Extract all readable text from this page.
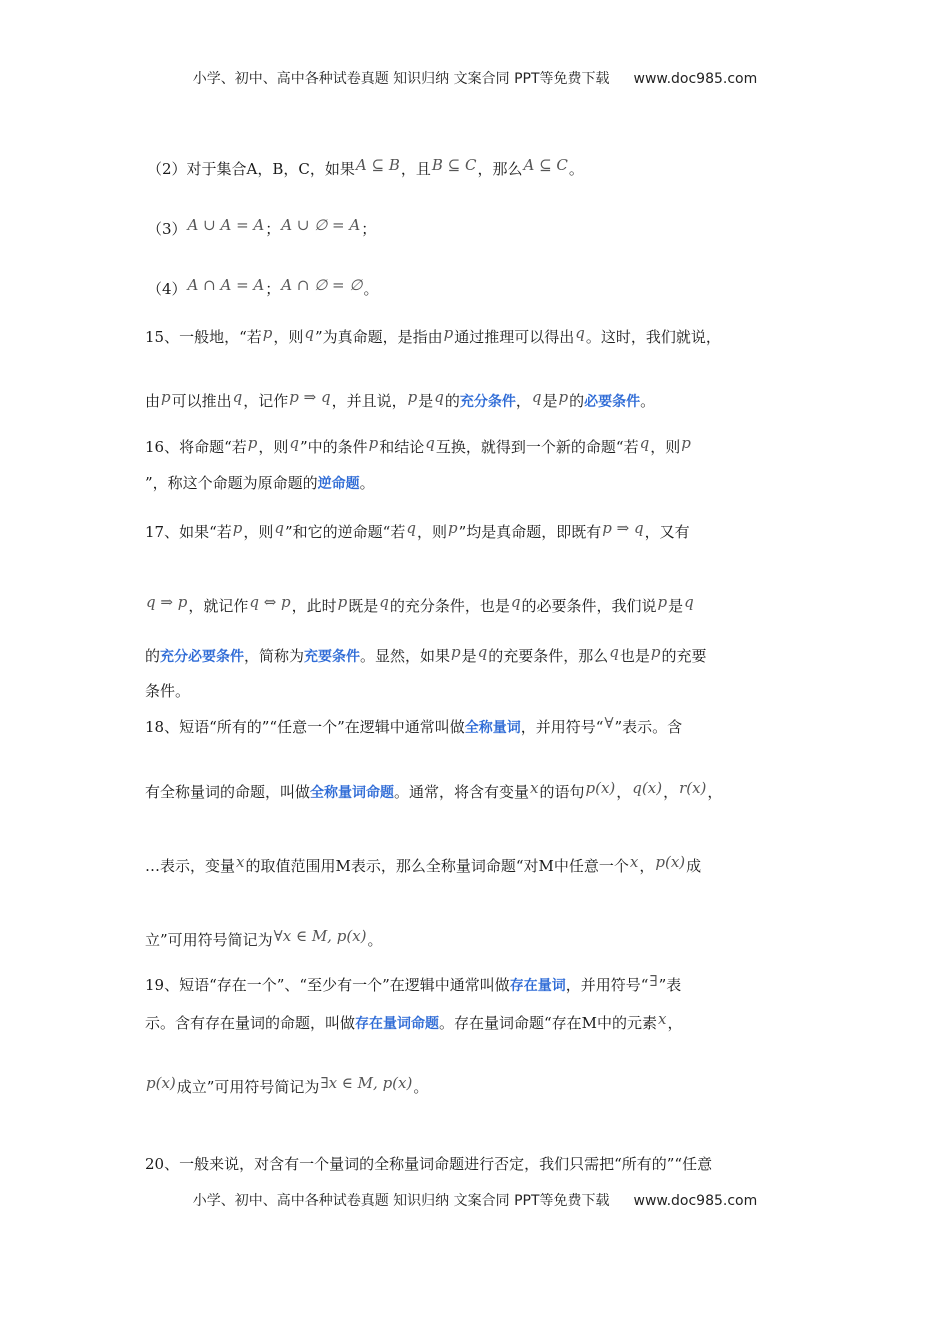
小学、初中、高中各种试卷真题 知识归纳 文案合同 PPT等免费下载 www.doc985.com
（2）对于集合A，B，C，如果A ⊆ B，且B ⊆ C，那么A ⊆ C。
（3）A ∪ A = A；A ∪ ∅ = A；
（4）A ∩ A = A；A ∩ ∅ = ∅。
15、一般地，“若p，则q”为真命题，是指由p通过推理可以得出q。这时，我们就说，
由p可以推出q，记作p ⇒ q，并且说，p是q的充分条件，q是p的必要条件。
16、将命题“若p，则q”中的条件p和结论q互换，就得到一个新的命题“若q，则p
”，称这个命题为原命题的逆命题。
17、如果“若p，则q”和它的逆命题“若q，则p”均是真命题，即既有p ⇒ q，又有
q ⇒ p，就记作q ⇔ p，此时p既是q的充分条件，也是q的必要条件，我们说p是q
的充分必要条件，简称为充要条件。显然，如果p是q的充要条件，那么q也是p的充要
条件。
18、短语“所有的”“任意一个”在逻辑中通常叫做全称量词，并用符号“∀”表示。含
有全称量词的命题，叫做全称量词命题。通常，将含有变量x的语句p(x)，q(x)，r(x)，
…表示，变量x的取值范围用M表示，那么全称量词命题“对M中任意一个x，p(x)成
立”可用符号简记为∀x ∈ M, p(x)。
19、短语“存在一个”、“至少有一个”在逻辑中通常叫做存在量词，并用符号“∃”表
示。含有存在量词的命题，叫做存在量词命题。存在量词命题“存在M中的元素x，
p(x)成立”可用符号简记为∃x ∈ M, p(x)。
20、一般来说，对含有一个量词的全称量词命题进行否定，我们只需把“所有的”“任意
小学、初中、高中各种试卷真题 知识归纳 文案合同 PPT等免费下载 www.doc985.com
